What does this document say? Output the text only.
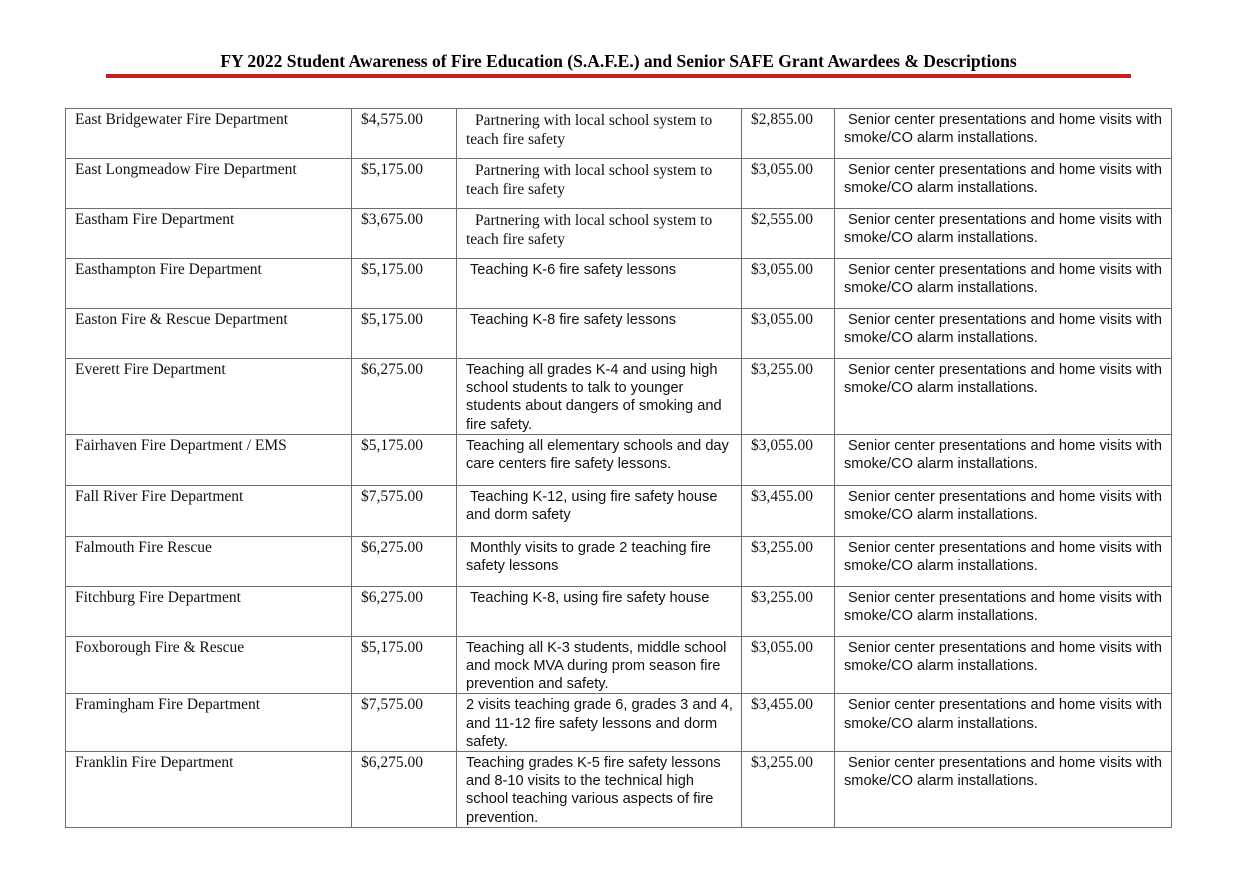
FY 2022 Student Awareness of Fire Education (S.A.F.E.) and Senior SAFE Grant Awardees & Descriptions
East Bridgewater Fire Department	$4,575.00	Partnering with local school system to teach fire safety	$2,855.00	Senior center presentations and home visits with smoke/CO alarm installations.
East Longmeadow Fire Department	$5,175.00	Partnering with local school system to teach fire safety	$3,055.00	Senior center presentations and home visits with smoke/CO alarm installations.
Eastham Fire Department	$3,675.00	Partnering with local school system to teach fire safety	$2,555.00	Senior center presentations and home visits with smoke/CO alarm installations.
Easthampton Fire Department	$5,175.00	Teaching K-6 fire safety lessons	$3,055.00	Senior center presentations and home visits with smoke/CO alarm installations.
Easton Fire & Rescue Department	$5,175.00	Teaching K-8 fire safety lessons	$3,055.00	Senior center presentations and home visits with smoke/CO alarm installations.
Everett Fire Department	$6,275.00	Teaching all grades K-4 and using high school students to talk to younger students about dangers of smoking and fire safety.	$3,255.00	Senior center presentations and home visits with smoke/CO alarm installations.
Fairhaven Fire Department / EMS	$5,175.00	Teaching all elementary schools and day care centers fire safety lessons.	$3,055.00	Senior center presentations and home visits with smoke/CO alarm installations.
Fall River Fire Department	$7,575.00	Teaching K-12, using fire safety house and dorm safety	$3,455.00	Senior center presentations and home visits with smoke/CO alarm installations.
Falmouth Fire Rescue	$6,275.00	Monthly visits to grade 2 teaching fire safety lessons	$3,255.00	Senior center presentations and home visits with smoke/CO alarm installations.
Fitchburg Fire Department	$6,275.00	Teaching K-8, using fire safety house	$3,255.00	Senior center presentations and home visits with smoke/CO alarm installations.
Foxborough Fire & Rescue	$5,175.00	Teaching all K-3 students, middle school and mock MVA during prom season fire prevention and safety.	$3,055.00	Senior center presentations and home visits with smoke/CO alarm installations.
Framingham Fire Department	$7,575.00	2 visits teaching grade 6, grades 3 and 4, and 11-12 fire safety lessons and dorm safety.	$3,455.00	Senior center presentations and home visits with smoke/CO alarm installations.
Franklin Fire Department	$6,275.00	Teaching grades K-5 fire safety lessons and 8-10 visits to the technical high school teaching various aspects of fire prevention.	$3,255.00	Senior center presentations and home visits with smoke/CO alarm installations.
